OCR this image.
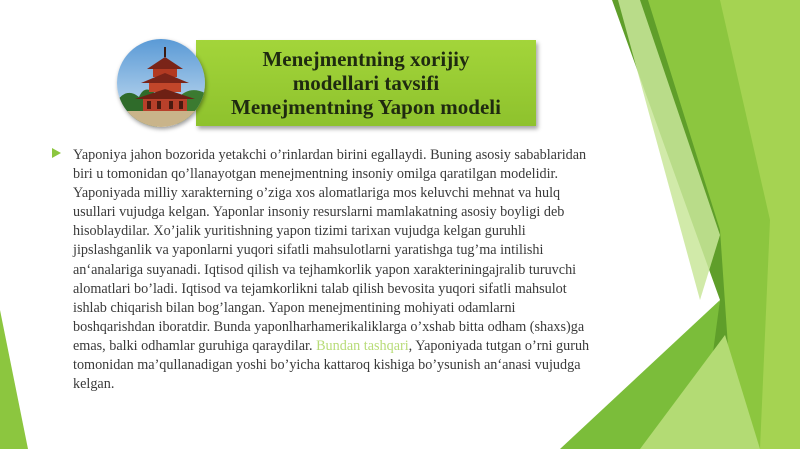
Menejmentning xorijiy
modellari tavsifi
Menejmentning Yapon modeli

Yaponiya jahon bozorida yetakchi o’rinlardan birini egallaydi. Buning asosiy sabablaridan biri u tomonidan qo’llanayotgan menejmentning insoniy omilga qaratilgan modelidir. Yaponiyada milliy xarakterning o’ziga xos alomatlariga mos keluvchi mehnat va hulq usullari vujudga kelgan. Yaponlar insoniy resurslarni mamlakatning asosiy boyligi deb hisoblaydilar. Xo’jalik yuritishning yapon tizimi tarixan vujudga kelgan guruhli jipslashganlik va yaponlarni yuqori sifatli mahsulotlarni yaratishga tug’ma intilishi an‘analariga suyanadi. Iqtisod qilish va tejhamkorlik yapon xarakteriningajralib turuvchi alomatlari bo’ladi. Iqtisod va tejamkorlikni talab qilish bevosita yuqori sifatli mahsulot ishlab chiqarish bilan bog’langan. Yapon menejmentining mohiyati odamlarni boshqarishdan iboratdir. Bunda yaponlharhamerikaliklarga o’xshab bitta odham (shaxs)ga emas, balki odhamlar guruhiga qaraydilar. Bundan tashqari, Yaponiyada tutgan o’rni guruh tomonidan ma’qullanadigan yoshi bo’yicha kattaroq kishiga bo’ysunish an‘anasi vujudga kelgan.
